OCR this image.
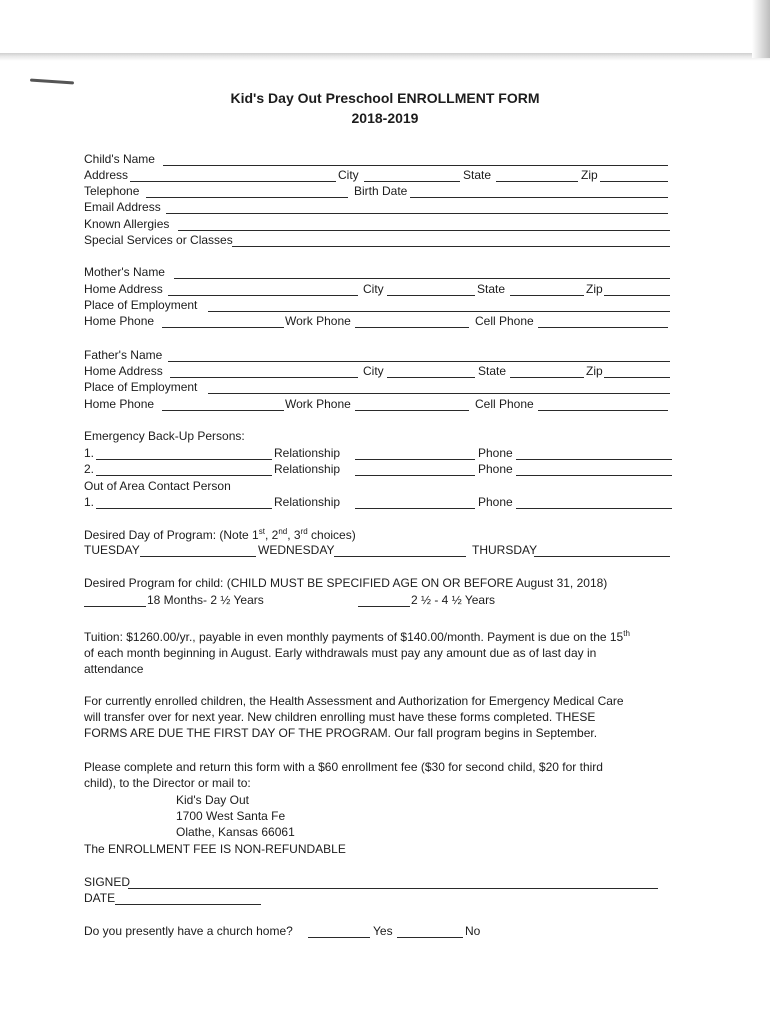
Kid's Day Out Preschool ENROLLMENT FORM
2018-2019
Child's Name
Address	City	State	Zip
Telephone	Birth Date
Email Address
Known Allergies
Special Services or Classes
Mother's Name
Home Address	City	State	Zip
Place of Employment
Home Phone	Work Phone	Cell Phone
Father's Name
Home Address	City	State	Zip
Place of Employment
Home Phone	Work Phone	Cell Phone
Emergency Back-Up Persons:
1.	Relationship	Phone
2.	Relationship	Phone
Out of Area Contact Person
1.	Relationship	Phone
Desired Day of Program: (Note 1st, 2nd, 3rd choices)
TUESDAY	WEDNESDAY	THURSDAY
Desired Program for child: (CHILD MUST BE SPECIFIED AGE ON OR BEFORE August 31, 2018)
18 Months- 2 ½ Years	2 ½ - 4 ½ Years

Tuition: $1260.00/yr., payable in even monthly payments of $140.00/month. Payment is due on the 15th

of each month beginning in August. Early withdrawals must pay any amount due as of last day in

attendance

For currently enrolled children, the Health Assessment and Authorization for Emergency Medical Care

will transfer over for next year. New children enrolling must have these forms completed. THESE

FORMS ARE DUE THE FIRST DAY OF THE PROGRAM. Our fall program begins in September.

Please complete and return this form with a $60 enrollment fee ($30 for second child, $20 for third

child), to the Director or mail to:

Kid's Day Out
1700 West Santa Fe
Olathe, Kansas 66061
The ENROLLMENT FEE IS NON-REFUNDABLE
SIGNED
DATE
Do you presently have a church home?	Yes	No
